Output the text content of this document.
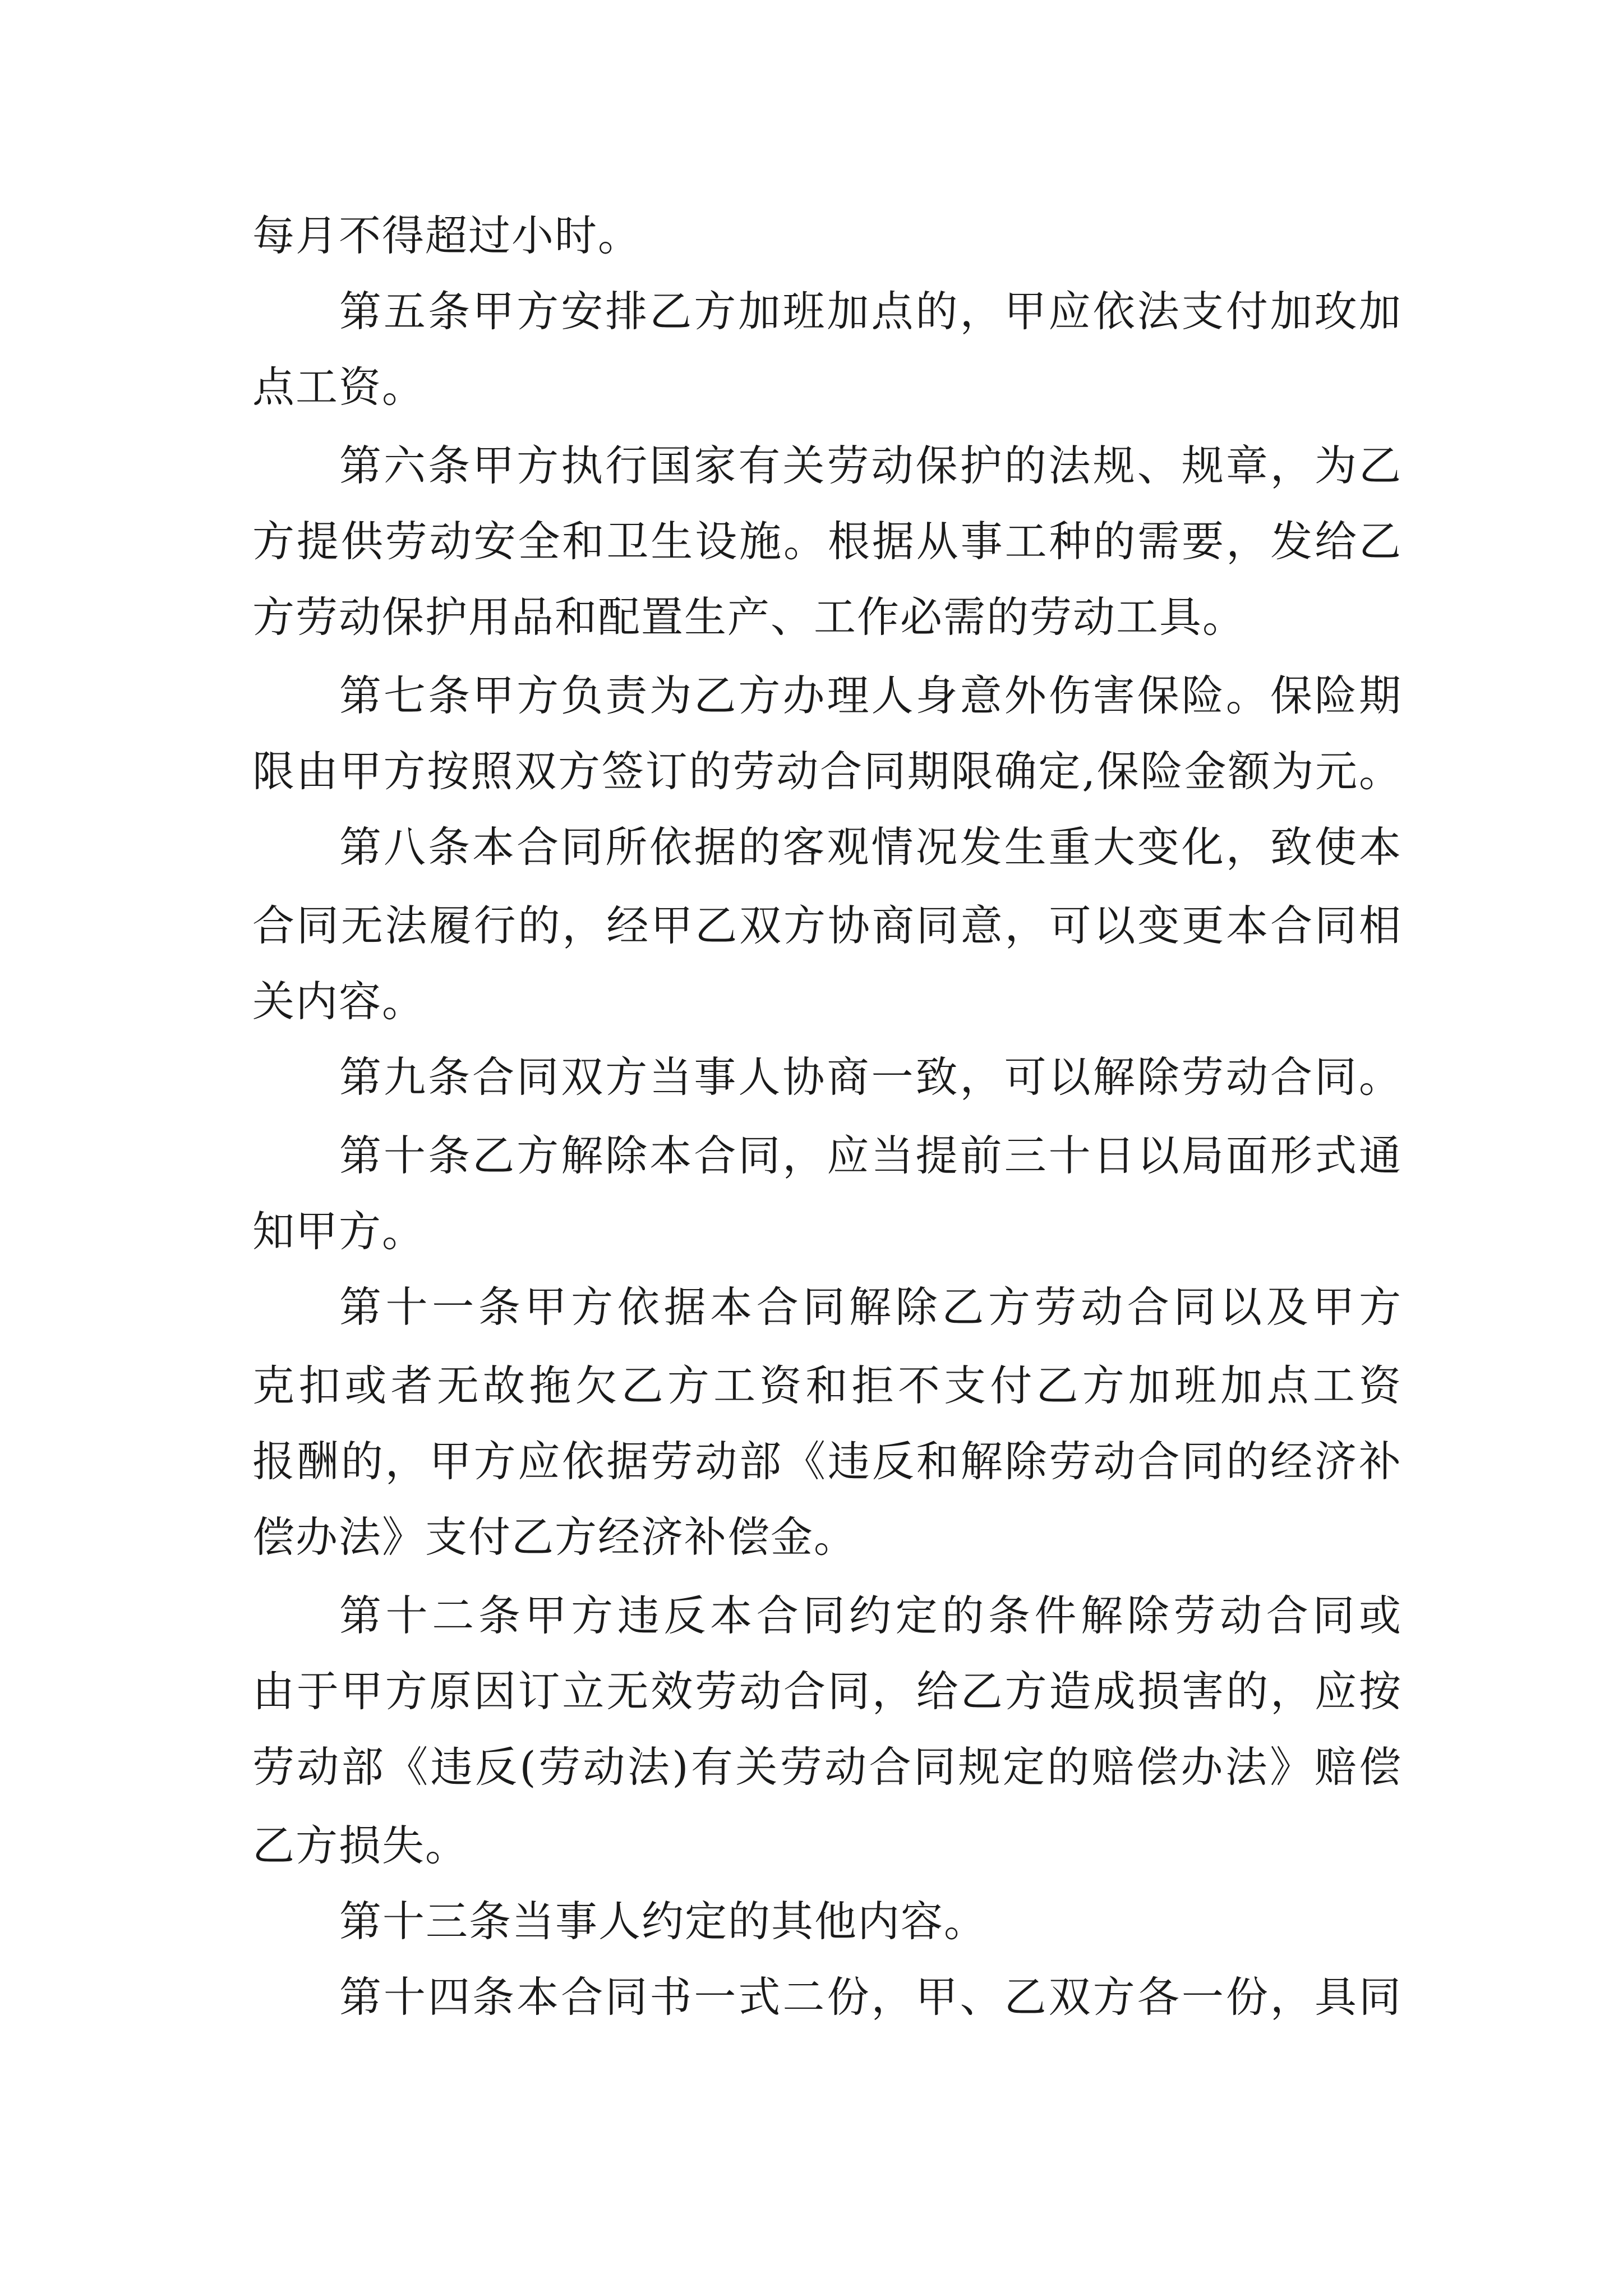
每月不得超过小时。
第五条甲方安排乙方加班加点的，甲应依法支付加玫加
点工资。
第六条甲方执行国家有关劳动保护的法规、规章，为乙
方提供劳动安全和卫生设施。根据从事工种的需要，发给乙
方劳动保护用品和配置生产、工作必需的劳动工具。
第七条甲方负责为乙方办理人身意外伤害保险。保险期
限由甲方按照双方签订的劳动合同期限确定,保险金额为元。
第八条本合同所依据的客观情况发生重大变化，致使本
合同无法履行的，经甲乙双方协商同意，可以变更本合同相
关内容。
第九条合同双方当事人协商一致，可以解除劳动合同。
第十条乙方解除本合同，应当提前三十日以局面形式通
知甲方。
第十一条甲方依据本合同解除乙方劳动合同以及甲方
克扣或者无故拖欠乙方工资和拒不支付乙方加班加点工资
报酬的，甲方应依据劳动部《违反和解除劳动合同的经济补
偿办法》支付乙方经济补偿金。
第十二条甲方违反本合同约定的条件解除劳动合同或
由于甲方原因订立无效劳动合同，给乙方造成损害的，应按
劳动部《违反(劳动法)有关劳动合同规定的赔偿办法》赔偿
乙方损失。
第十三条当事人约定的其他内容。
第十四条本合同书一式二份，甲、乙双方各一份，具同
